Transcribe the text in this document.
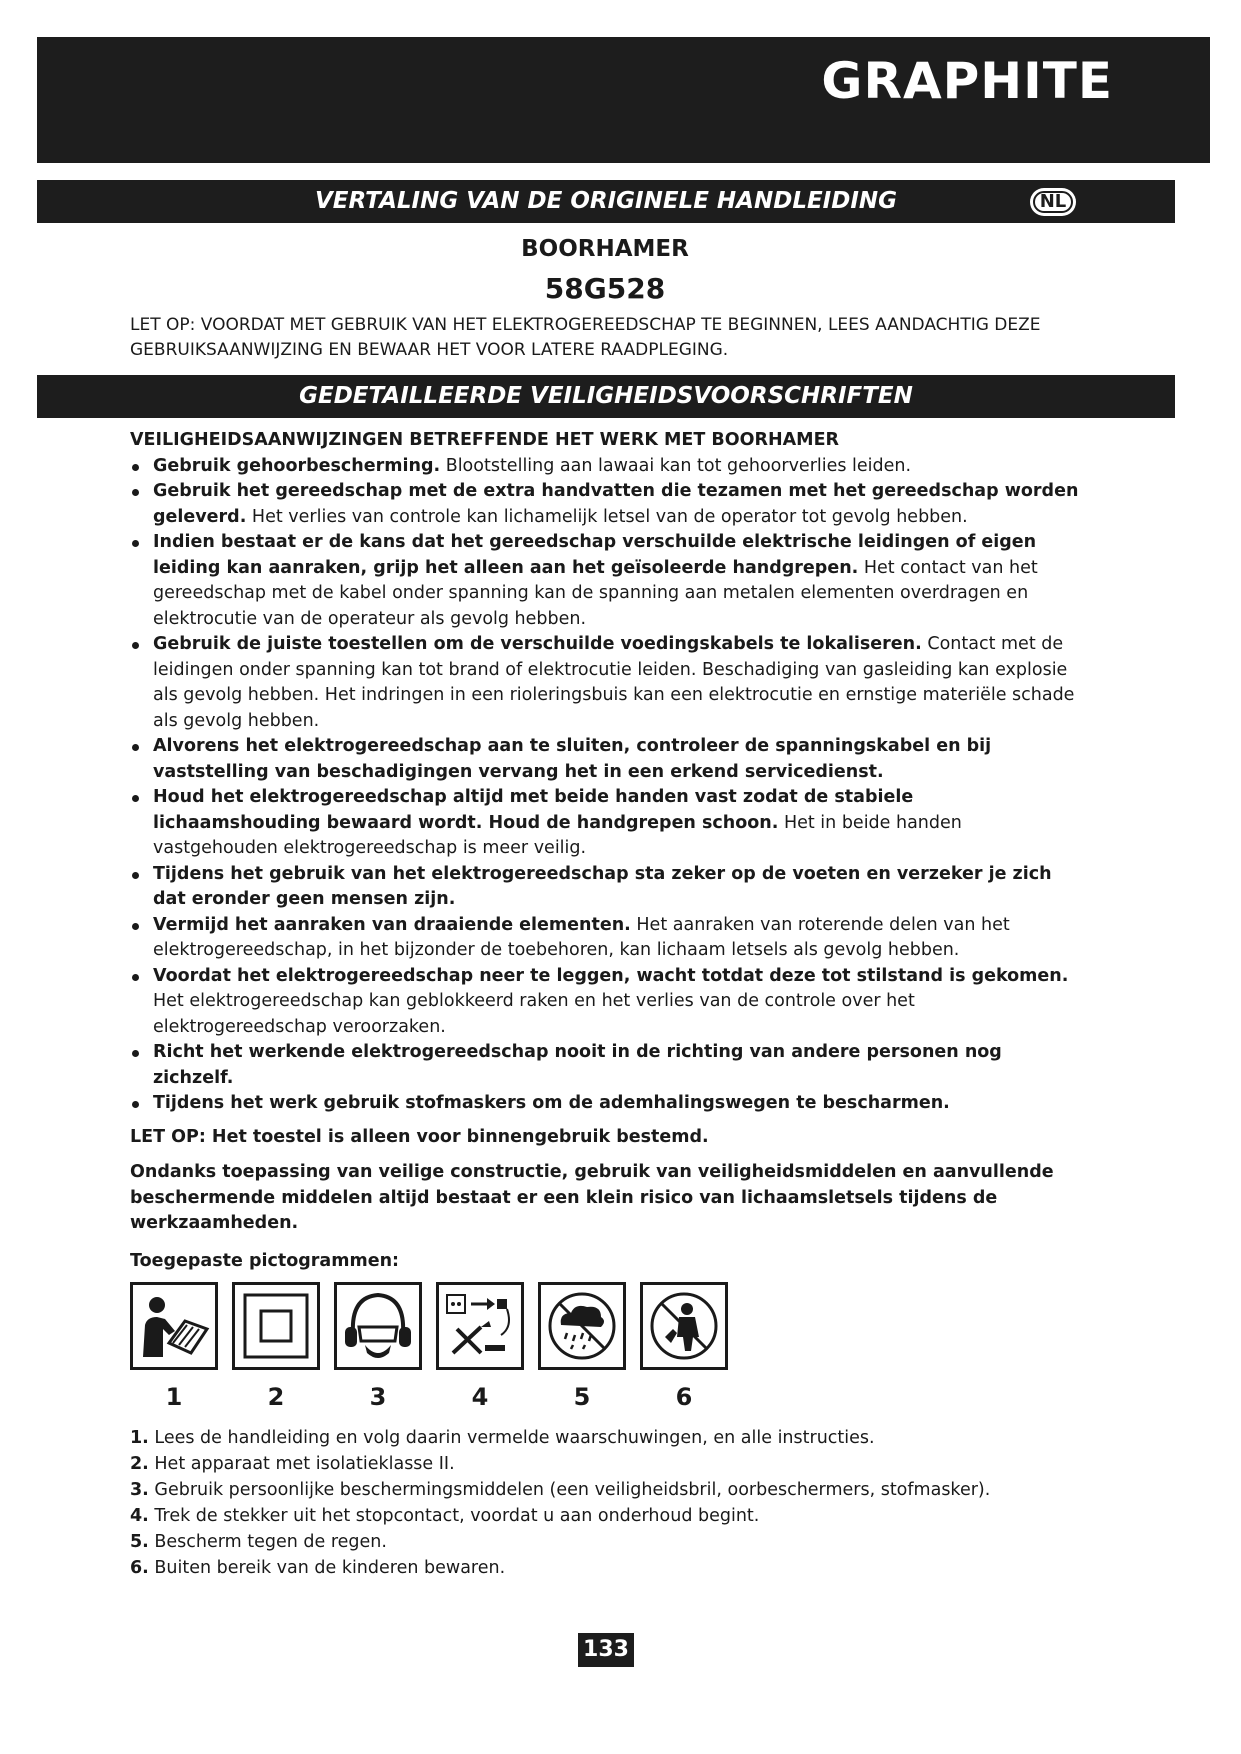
GRAPHITE
VERTALING VAN DE ORIGINELE HANDLEIDING	NL
BOORHAMER
58G528
LET OP: VOORDAT MET GEBRUIK VAN HET ELEKTROGEREEDSCHAP TE BEGINNEN, LEES AANDACHTIG DEZE GEBRUIKSAANWIJZING EN BEWAAR HET VOOR LATERE RAADPLEGING.
GEDETAILLEERDE VEILIGHEIDSVOORSCHRIFTEN

VEILIGHEIDSAANWIJZINGEN BETREFFENDE HET WERK MET BOORHAMER

Gebruik gehoorbescherming. Blootstelling aan lawaai kan tot gehoorverlies leiden.
Gebruik het gereedschap met de extra handvatten die tezamen met het gereedschap worden geleverd. Het verlies van controle kan lichamelijk letsel van de operator tot gevolg hebben.
Indien bestaat er de kans dat het gereedschap verschuilde elektrische leidingen of eigen leiding kan aanraken, grijp het alleen aan het geïsoleerde handgrepen. Het contact van het gereedschap met de kabel onder spanning kan de spanning aan metalen elementen overdragen en elektrocutie van de operateur als gevolg hebben.
Gebruik de juiste toestellen om de verschuilde voedingskabels te lokaliseren. Contact met de leidingen onder spanning kan tot brand of elektrocutie leiden. Beschadiging van gasleiding kan explosie als gevolg hebben. Het indringen in een rioleringsbuis kan een elektrocutie en ernstige materiële schade als gevolg hebben.
Alvorens het elektrogereedschap aan te sluiten, controleer de spanningskabel en bij vaststelling van beschadigingen vervang het in een erkend servicedienst.
Houd het elektrogereedschap altijd met beide handen vast zodat de stabiele lichaamshouding bewaard wordt. Houd de handgrepen schoon. Het in beide handen vastgehouden elektrogereedschap is meer veilig.
Tijdens het gebruik van het elektrogereedschap sta zeker op de voeten en verzeker je zich dat eronder geen mensen zijn.
Vermijd het aanraken van draaiende elementen. Het aanraken van roterende delen van het elektrogereedschap, in het bijzonder de toebehoren, kan lichaam letsels als gevolg hebben.
Voordat het elektrogereedschap neer te leggen, wacht totdat deze tot stilstand is gekomen. Het elektrogereedschap kan geblokkeerd raken en het verlies van de controle over het elektrogereedschap veroorzaken.
Richt het werkende elektrogereedschap nooit in de richting van andere personen nog zichzelf.
Tijdens het werk gebruik stofmaskers om de ademhalingswegen te bescharmen.

LET OP: Het toestel is alleen voor binnengebruik bestemd.

Ondanks toepassing van veilige constructie, gebruik van veiligheidsmiddelen en aanvullende beschermende middelen altijd bestaat er een klein risico van lichaamsletsels tijdens de werkzaamheden.

Toegepaste pictogrammen:

1	2	3	4	5	6
1. Lees de handleiding en volg daarin vermelde waarschuwingen, en alle instructies.
2. Het apparaat met isolatieklasse II.
3. Gebruik persoonlijke beschermingsmiddelen (een veiligheidsbril, oorbeschermers, stofmasker).
4. Trek de stekker uit het stopcontact, voordat u aan onderhoud begint.
5. Bescherm tegen de regen.
6. Buiten bereik van de kinderen bewaren.
133
